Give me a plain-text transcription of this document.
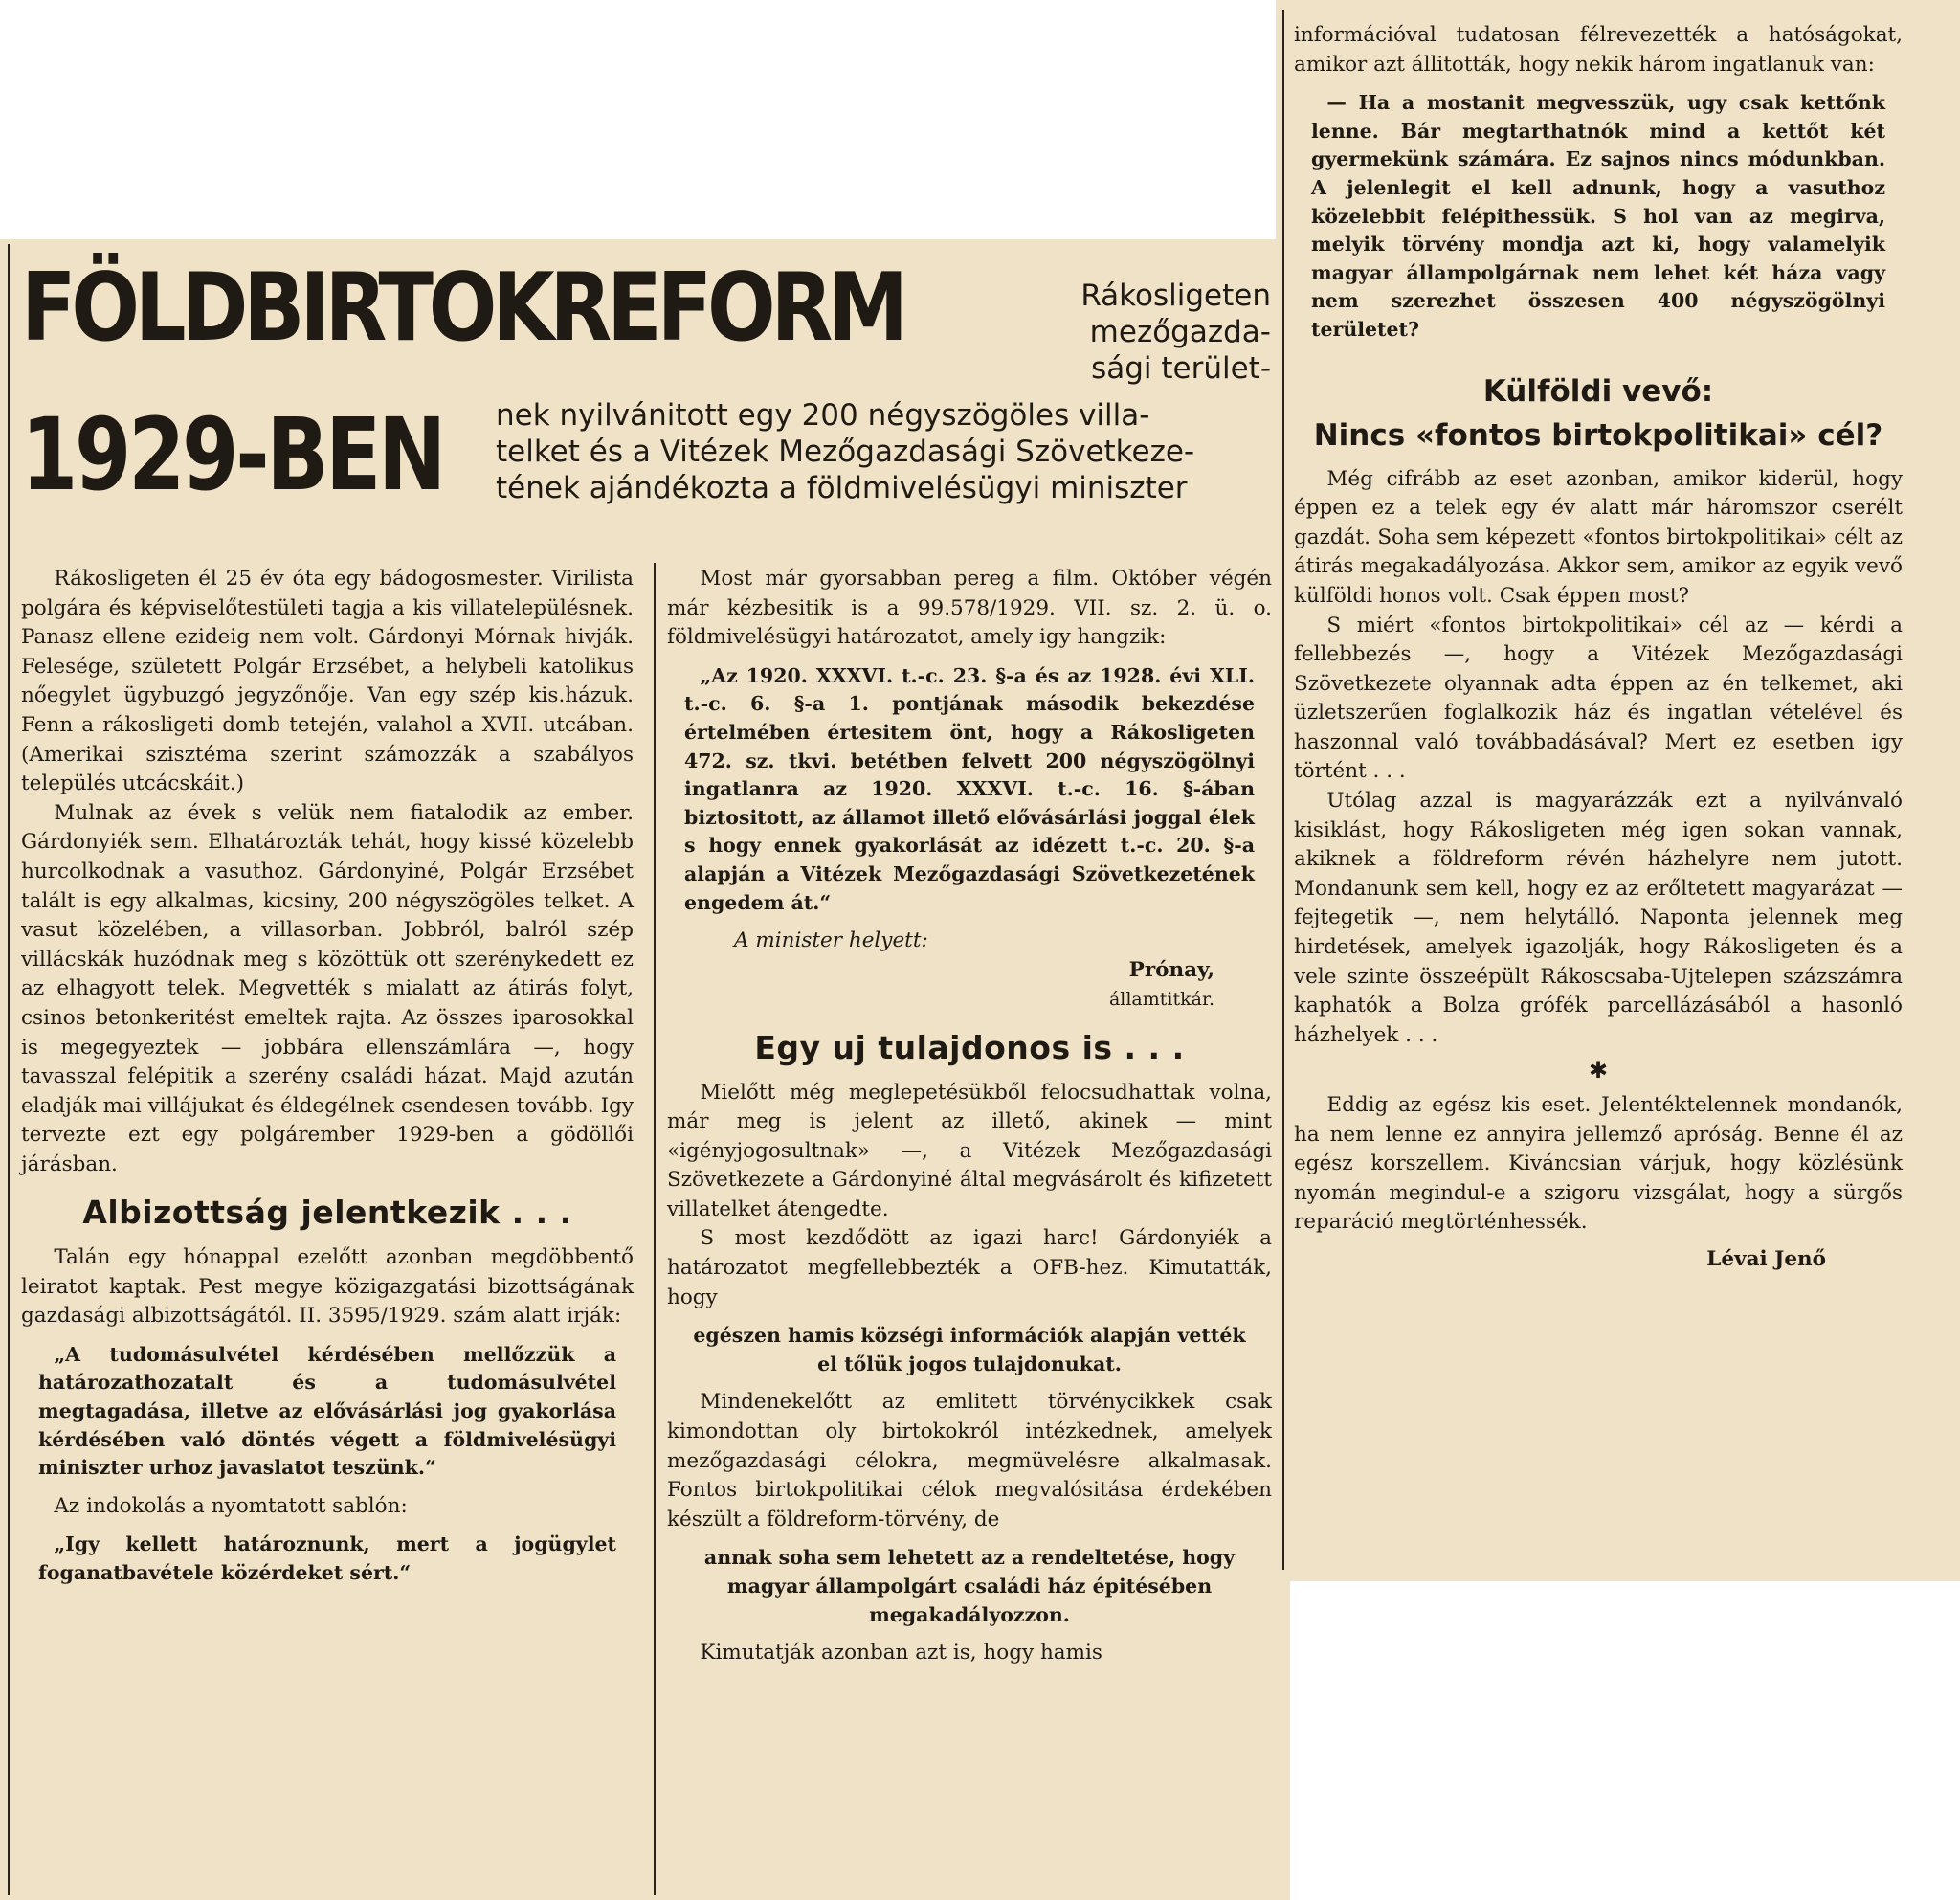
FÖLDBIRTOKREFORM
1929-BEN
Rákosligeten
mezőgazda-
sági terület-
nek nyilvánitott egy 200 négyszögöles villa-
telket és a Vitézek Mezőgazdasági Szövetkeze-
tének ajándékozta a földmivelésügyi miniszter

Rákosligeten él 25 év óta egy bádogosmester. Virilista polgára és képviselőtestületi tagja a kis villatelepülésnek. Panasz ellene ezideig nem volt. Gárdonyi Mórnak hivják. Felesége, született Polgár Erzsébet, a helybeli katolikus nőegylet ügybuzgó jegyzőnője. Van egy szép kis.házuk. Fenn a rákosligeti domb tetején, valahol a XVII. utcában. (Amerikai szisztéma szerint számozzák a szabályos település utcácskáit.)

Mulnak az évek s velük nem fiatalodik az ember. Gárdonyiék sem. Elhatározták tehát, hogy kissé közelebb hurcolkodnak a vasuthoz. Gárdonyiné, Polgár Erzsébet talált is egy alkalmas, kicsiny, 200 négyszögöles telket. A vasut közelében, a villasorban. Jobbról, balról szép villácskák huzódnak meg s közöttük ott szerénykedett ez az elhagyott telek. Megvették s mialatt az átirás folyt, csinos betonkeritést emeltek rajta. Az összes iparosokkal is megegyeztek — jobbára ellenszámlára —, hogy tavasszal felépitik a szerény családi házat. Majd azután eladják mai villájukat és éldegélnek csendesen tovább. Igy tervezte ezt egy polgárember 1929-ben a gödöllői járásban.

Albizottság jelentkezik . . .

Talán egy hónappal ezelőtt azonban megdöbbentő leiratot kaptak. Pest megye közigazgatási bizottságának gazdasági albizottságától. II. 3595/1929. szám alatt irják:

„A tudomásulvétel kérdésében mellőzzük a határozathozatalt és a tudomásulvétel megtagadása, illetve az elővásárlási jog gyakorlása kérdésében való döntés végett a földmivelésügyi miniszter urhoz javaslatot teszünk.“

Az indokolás a nyomtatott sablón:

„Igy kellett határoznunk, mert a jogügylet foganatbavétele közérdeket sért.“

Most már gyorsabban pereg a film. Október végén már kézbesitik is a 99.578/1929. VII. sz. 2. ü. o. földmivelésügyi határozatot, amely igy hangzik:

„Az 1920. XXXVI. t.-c. 23. §-a és az 1928. évi XLI. t.-c. 6. §-a 1. pontjának második bekezdése értelmében értesitem önt, hogy a Rákosligeten 472. sz. tkvi. betétben felvett 200 négyszögölnyi ingatlanra az 1920. XXXVI. t.-c. 16. §-ában biztositott, az államot illető elővásárlási joggal élek s hogy ennek gyakorlását az idézett t.-c. 20. §-a alapján a Vitézek Mezőgazdasági Szövetkezetének engedem át.“

A minister helyett:

Prónay,

államtitkár.

Egy uj tulajdonos is . . .

Mielőtt még meglepetésükből felocsudhattak volna, már meg is jelent az illető, akinek — mint «igényjogosultnak» —, a Vitézek Mezőgazdasági Szövetkezete a Gárdonyiné által megvásárolt és kifizetett villatelket átengedte.

S most kezdődött az igazi harc! Gárdonyiék a határozatot megfellebbezték a OFB-hez. Kimutatták, hogy

egészen hamis községi információk alapján vették el tőlük jogos tulajdonukat.

Mindenekelőtt az emlitett törvénycikkek csak kimondottan oly birtokokról intézkednek, amelyek mezőgazdasági célokra, megmüvelésre alkalmasak. Fontos birtokpolitikai célok megvalósitása érdekében készült a földreform-törvény, de

annak soha sem lehetett az a rendeltetése, hogy magyar állampolgárt családi ház épitésében megakadályozzon.

Kimutatják azonban azt is, hogy hamis

információval tudatosan félrevezették a hatóságokat, amikor azt állitották, hogy nekik három ingatlanuk van:

— Ha a mostanit megvesszük, ugy csak kettőnk lenne. Bár megtarthatnók mind a kettőt két gyermekünk számára. Ez sajnos nincs módunkban. A jelenlegit el kell adnunk, hogy a vasuthoz közelebbit felépithessük. S hol van az megirva, melyik törvény mondja azt ki, hogy valamelyik magyar állampolgárnak nem lehet két háza vagy nem szerezhet összesen 400 négyszögölnyi területet?

Külföldi vevő:
Nincs «fontos birtokpolitikai» cél?

Még cifrább az eset azonban, amikor kiderül, hogy éppen ez a telek egy év alatt már háromszor cserélt gazdát. Soha sem képezett «fontos birtokpolitikai» célt az átirás megakadályozása. Akkor sem, amikor az egyik vevő külföldi honos volt. Csak éppen most?

S miért «fontos birtokpolitikai» cél az — kérdi a fellebbezés —, hogy a Vitézek Mezőgazdasági Szövetkezete olyannak adta éppen az én telkemet, aki üzletszerűen foglalkozik ház és ingatlan vételével és haszonnal való továbbadásával? Mert ez esetben igy történt . . .

Utólag azzal is magyarázzák ezt a nyilvánvaló kisiklást, hogy Rákosligeten még igen sokan vannak, akiknek a földreform révén házhelyre nem jutott. Mondanunk sem kell, hogy ez az erőltetett magyarázat — fejtegetik —, nem helytálló. Naponta jelennek meg hirdetések, amelyek igazolják, hogy Rákosligeten és a vele szinte összeépült Rákoscsaba-Ujtelepen százszámra kaphatók a Bolza grófék parcellázásából a hasonló házhelyek . . .

✱

Eddig az egész kis eset. Jelentéktelennek mondanók, ha nem lenne ez annyira jellemző apróság. Benne él az egész korszellem. Kiváncsian várjuk, hogy közlésünk nyomán megindul-e a szigoru vizsgálat, hogy a sürgős reparáció megtörténhessék.

Lévai Jenő
